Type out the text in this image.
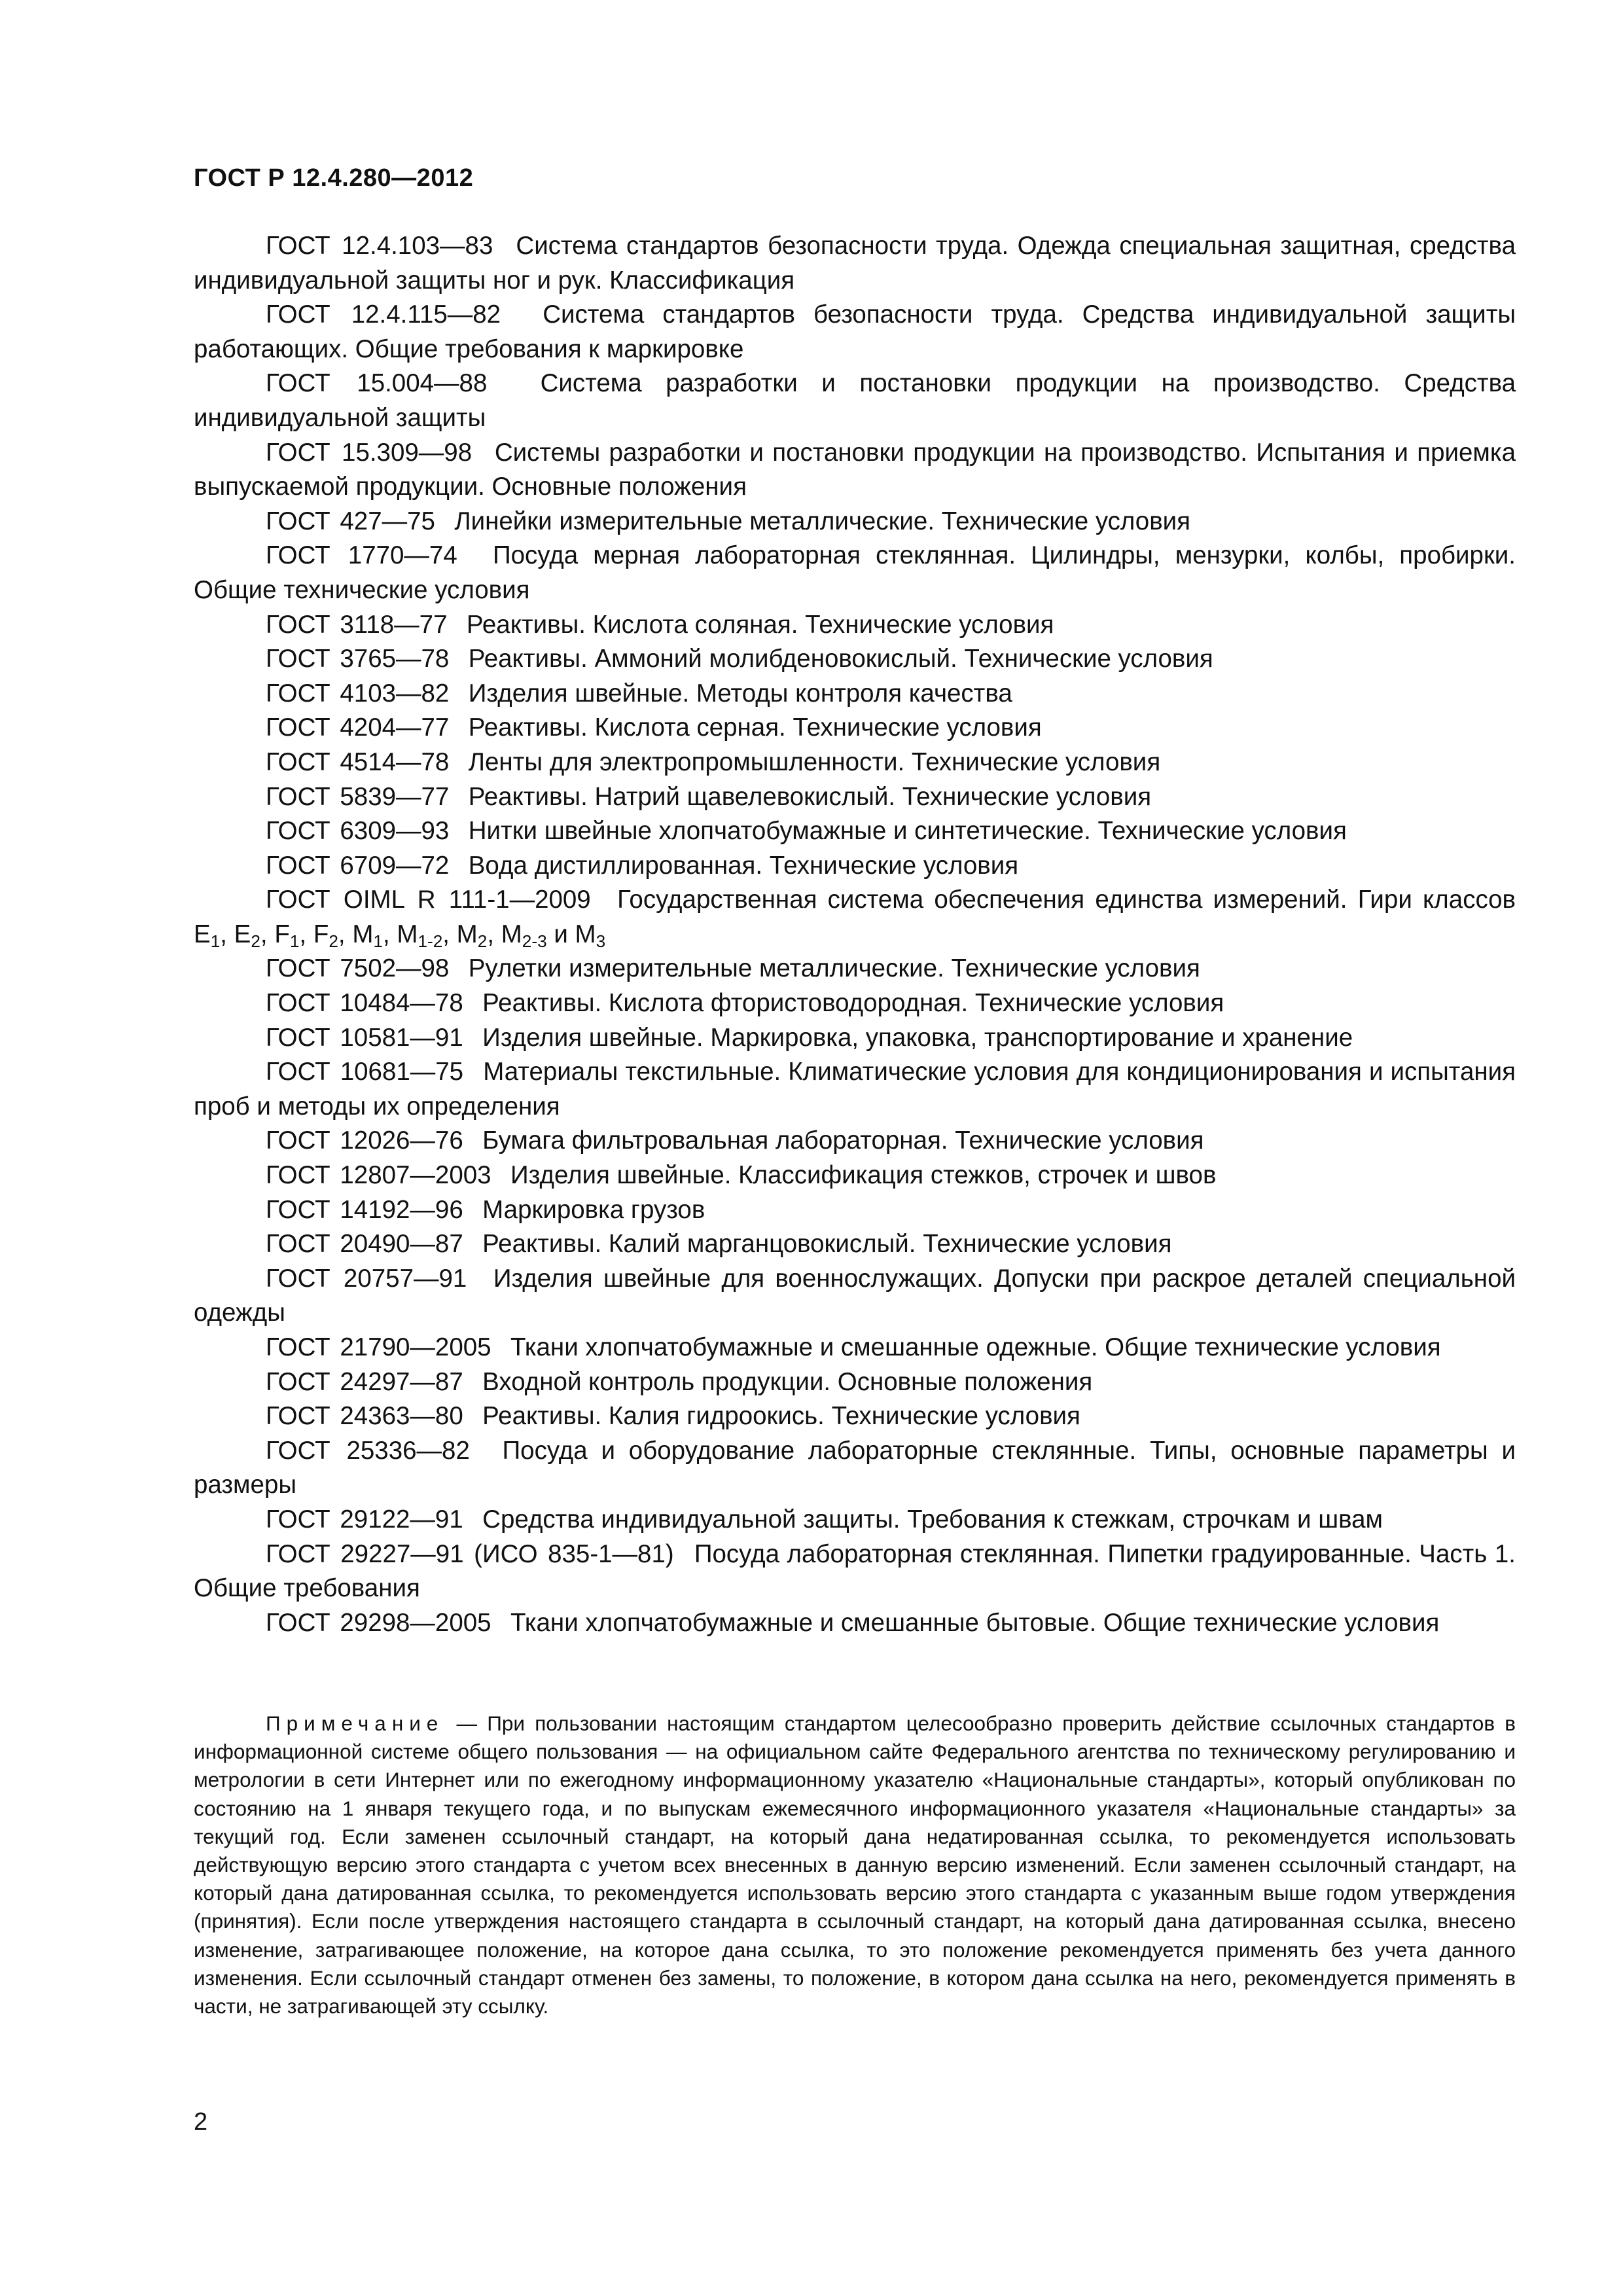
ГОСТ Р 12.4.280—2012

ГОСТ 12.4.103—83 Система стандартов безопасности труда. Одежда специальная защитная, средства индивидуальной защиты ног и рук. Классификация

ГОСТ 12.4.115—82 Система стандартов безопасности труда. Средства индивидуальной защиты работающих. Общие требования к маркировке

ГОСТ 15.004—88 Система разработки и постановки продукции на производство. Средства индивидуальной защиты

ГОСТ 15.309—98 Системы разработки и постановки продукции на производство. Испытания и приемка выпускаемой продукции. Основные положения

ГОСТ 427—75 Линейки измерительные металлические. Технические условия

ГОСТ 1770—74 Посуда мерная лабораторная стеклянная. Цилиндры, мензурки, колбы, пробирки. Общие технические условия

ГОСТ 3118—77 Реактивы. Кислота соляная. Технические условия

ГОСТ 3765—78 Реактивы. Аммоний молибденовокислый. Технические условия

ГОСТ 4103—82 Изделия швейные. Методы контроля качества

ГОСТ 4204—77 Реактивы. Кислота серная. Технические условия

ГОСТ 4514—78 Ленты для электропромышленности. Технические условия

ГОСТ 5839—77 Реактивы. Натрий щавелевокислый. Технические условия

ГОСТ 6309—93 Нитки швейные хлопчатобумажные и синтетические. Технические условия

ГОСТ 6709—72 Вода дистиллированная. Технические условия

ГОСТ OIML R 111-1—2009 Государственная система обеспечения единства измерений. Гири классов $E_1$, $E_2$, $F_1$, $F_2$, $M_1$, $M_{1-2}$, $M_2$, $M_{2-3}$ и $M_3$

ГОСТ 7502—98 Рулетки измерительные металлические. Технические условия

ГОСТ 10484—78 Реактивы. Кислота фтористоводородная. Технические условия

ГОСТ 10581—91 Изделия швейные. Маркировка, упаковка, транспортирование и хранение

ГОСТ 10681—75 Материалы текстильные. Климатические условия для кондиционирования и испытания проб и методы их определения

ГОСТ 12026—76 Бумага фильтровальная лабораторная. Технические условия

ГОСТ 12807—2003 Изделия швейные. Классификация стежков, строчек и швов

ГОСТ 14192—96 Маркировка грузов

ГОСТ 20490—87 Реактивы. Калий марганцовокислый. Технические условия

ГОСТ 20757—91 Изделия швейные для военнослужащих. Допуски при раскрое деталей специальной одежды

ГОСТ 21790—2005 Ткани хлопчатобумажные и смешанные одежные. Общие технические условия

ГОСТ 24297—87 Входной контроль продукции. Основные положения

ГОСТ 24363—80 Реактивы. Калия гидроокись. Технические условия

ГОСТ 25336—82 Посуда и оборудование лабораторные стеклянные. Типы, основные параметры и размеры

ГОСТ 29122—91 Средства индивидуальной защиты. Требования к стежкам, строчкам и швам

ГОСТ 29227—91 (ИСО 835-1—81) Посуда лабораторная стеклянная. Пипетки градуированные. Часть 1. Общие требования

ГОСТ 29298—2005 Ткани хлопчатобумажные и смешанные бытовые. Общие технические условия

Примечание — При пользовании настоящим стандартом целесообразно проверить действие ссылочных стандартов в информационной системе общего пользования — на официальном сайте Федерального агентства по техническому регулированию и метрологии в сети Интернет или по ежегодному информационному указателю «Национальные стандарты», который опубликован по состоянию на 1 января текущего года, и по выпускам ежемесячного информационного указателя «Национальные стандарты» за текущий год. Если заменен ссылочный стандарт, на который дана недатированная ссылка, то рекомендуется использовать действующую версию этого стандарта с учетом всех внесенных в данную версию изменений. Если заменен ссылочный стандарт, на который дана датированная ссылка, то рекомендуется использовать версию этого стандарта с указанным выше годом утверждения (принятия). Если после утверждения настоящего стандарта в ссылочный стандарт, на который дана датированная ссылка, внесено изменение, затрагивающее положение, на которое дана ссылка, то это положение рекомендуется применять без учета данного изменения. Если ссылочный стандарт отменен без замены, то положение, в котором дана ссылка на него, рекомендуется применять в части, не затрагивающей эту ссылку.

2
